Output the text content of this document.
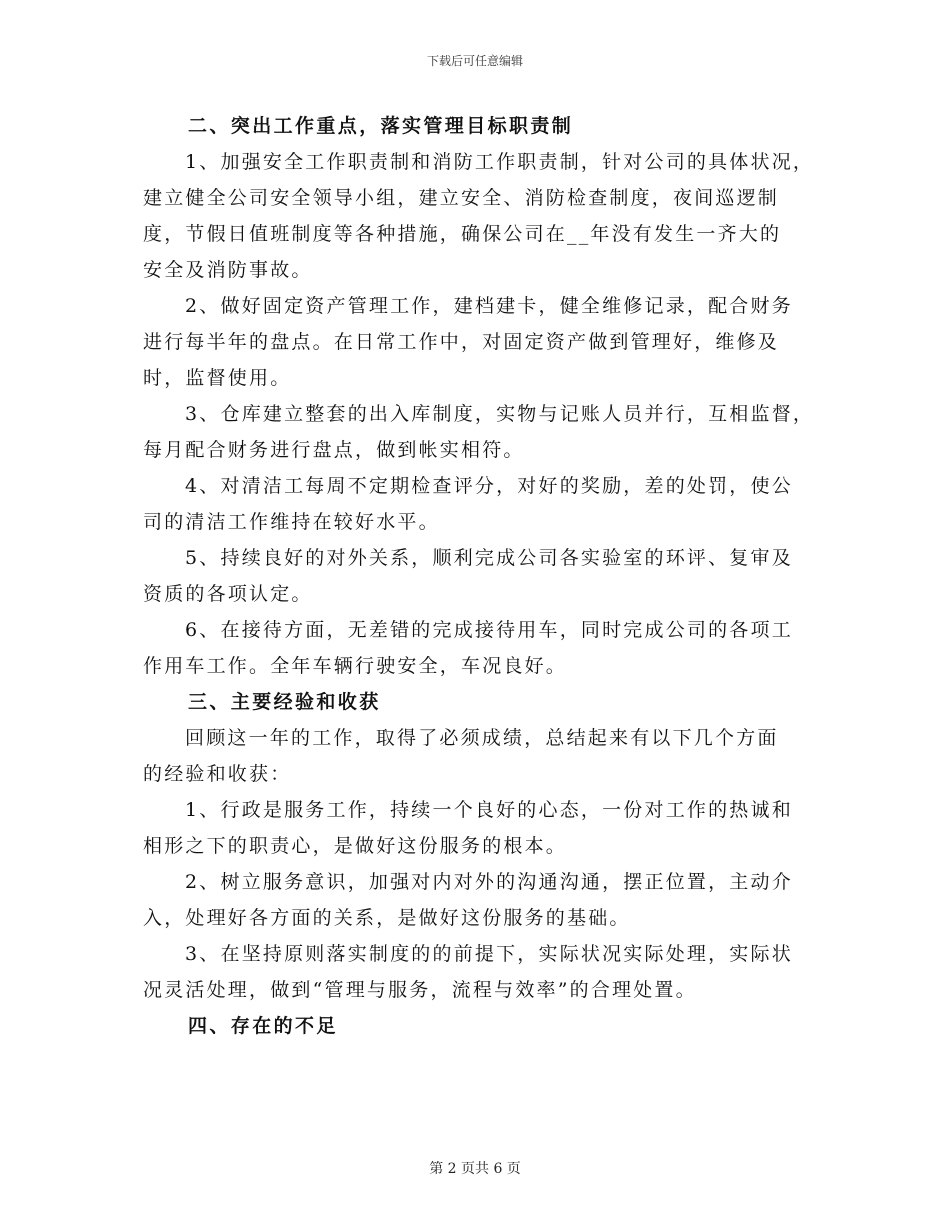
下载后可任意编辑
二、突出工作重点，落实管理目标职责制
1、加强安全工作职责制和消防工作职责制，针对公司的具体状况，
建立健全公司安全领导小组，建立安全、消防检查制度，夜间巡逻制
度，节假日值班制度等各种措施，确保公司在__年没有发生一齐大的
安全及消防事故。
2、做好固定资产管理工作，建档建卡，健全维修记录，配合财务
进行每半年的盘点。在日常工作中，对固定资产做到管理好，维修及
时，监督使用。
3、仓库建立整套的出入库制度，实物与记账人员并行，互相监督，
每月配合财务进行盘点，做到帐实相符。
4、对清洁工每周不定期检查评分，对好的奖励，差的处罚，使公
司的清洁工作维持在较好水平。
5、持续良好的对外关系，顺利完成公司各实验室的环评、复审及
资质的各项认定。
6、在接待方面，无差错的完成接待用车，同时完成公司的各项工
作用车工作。全年车辆行驶安全，车况良好。
三、主要经验和收获
回顾这一年的工作，取得了必须成绩，总结起来有以下几个方面
的经验和收获：
1、行政是服务工作，持续一个良好的心态，一份对工作的热诚和
相形之下的职责心，是做好这份服务的根本。
2、树立服务意识，加强对内对外的沟通沟通，摆正位置，主动介
入，处理好各方面的关系，是做好这份服务的基础。
3、在坚持原则落实制度的的前提下，实际状况实际处理，实际状
况灵活处理，做到“管理与服务，流程与效率”的合理处置。
四、存在的不足
第 2 页共 6 页
